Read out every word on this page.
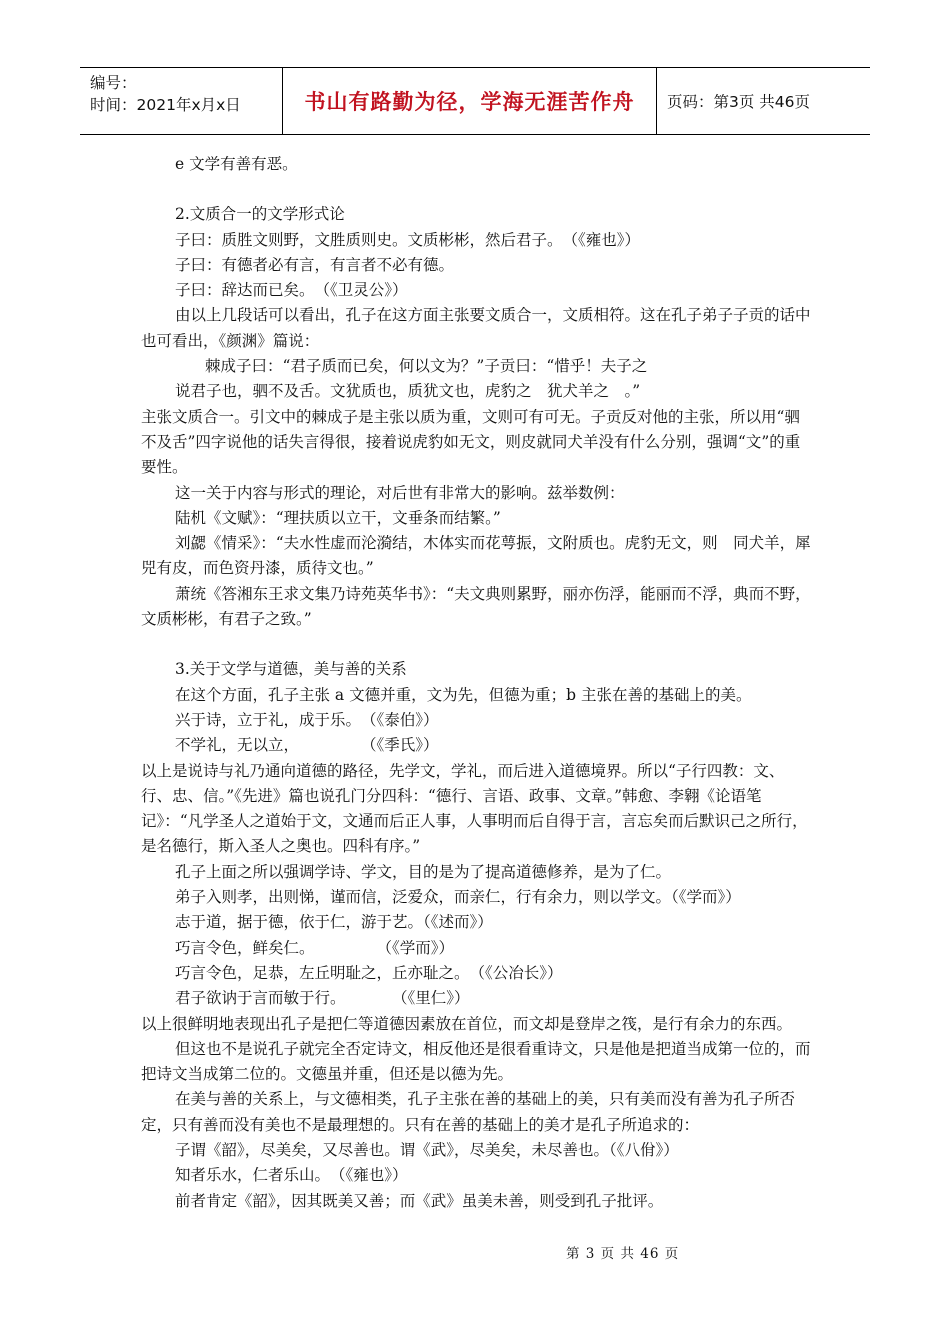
编号：
时间：2021年x月x日	书山有路勤为径，学海无涯苦作舟	页码：第3页 共46页
e 文学有善有恶。
2.文质合一的文学形式论
子曰：质胜文则野，文胜质则史。文质彬彬，然后君子。　（《雍也》）
子曰：有德者必有言，有言者不必有德。
子曰：辞达而已矣。　（《卫灵公》）
由以上几段话可以看出，孔子在这方面主张要文质合一，文质相符。这在孔子弟子子贡的话中也可看出，《颜渊》篇说：
棘成子曰：“君子质而已矣，何以文为？”子贡曰：“惜乎！夫子之
说君子也，驷不及舌。文犹质也，质犹文也，虎豹之　犹犬羊之　。”
主张文质合一。引文中的棘成子是主张以质为重，文则可有可无。子贡反对他的主张，所以用“驷不及舌”四字说他的话失言得很，接着说虎豹如无文，则皮就同犬羊没有什么分别，强调“文”的重要性。
这一关于内容与形式的理论，对后世有非常大的影响。兹举数例：
陆机《文赋》：“理扶质以立干，文垂条而结繁。”
刘勰《情采》：“夫水性虚而沦漪结，木体实而花萼振，文附质也。虎豹无文，则　同犬羊，犀兕有皮，而色资丹漆，质待文也。”
萧统《答湘东王求文集乃诗苑英华书》：“夫文典则累野，丽亦伤浮，能丽而不浮，典而不野，文质彬彬，有君子之致。”
3.关于文学与道德，美与善的关系
在这个方面，孔子主张 a 文德并重，文为先，但德为重；b 主张在善的基础上的美。
兴于诗，立于礼，成于乐。　（《泰伯》）
不学礼，无以立，　　　　　（《季氏》）
以上是说诗与礼乃通向道德的路径，先学文，学礼，而后进入道德境界。所以“子行四教：文、行、忠、信。”《先进》篇也说孔门分四科：“德行、言语、政事、文章。”韩愈、李翱《论语笔记》：“凡学圣人之道始于文，文通而后正人事，人事明而后自得于言，言忘矣而后默识己之所行，是名德行，斯入圣人之奥也。四科有序。”
孔子上面之所以强调学诗、学文，目的是为了提高道德修养，是为了仁。
弟子入则孝，出则悌，谨而信，泛爱众，而亲仁，行有余力，则以学文。（《学而》）
志于道，据于德，依于仁，游于艺。（《述而》）
巧言令色，鲜矣仁。　　　　　（《学而》）
巧言令色，足恭，左丘明耻之，丘亦耻之。　（《公冶长》）
君子欲讷于言而敏于行。　　　　（《里仁》）
以上很鲜明地表现出孔子是把仁等道德因素放在首位，而文却是登岸之筏，是行有余力的东西。
但这也不是说孔子就完全否定诗文，相反他还是很看重诗文，只是他是把道当成第一位的，而把诗文当成第二位的。文德虽并重，但还是以德为先。
在美与善的关系上，与文德相类，孔子主张在善的基础上的美，只有美而没有善为孔子所否定，只有善而没有美也不是最理想的。只有在善的基础上的美才是孔子所追求的：
子谓《韶》，尽美矣，又尽善也。谓《武》，尽美矣，未尽善也。（《八佾》）
知者乐水，仁者乐山。　（《雍也》）
前者肯定《韶》，因其既美又善；而《武》虽美未善，则受到孔子批评。
第 3 页 共 46 页
